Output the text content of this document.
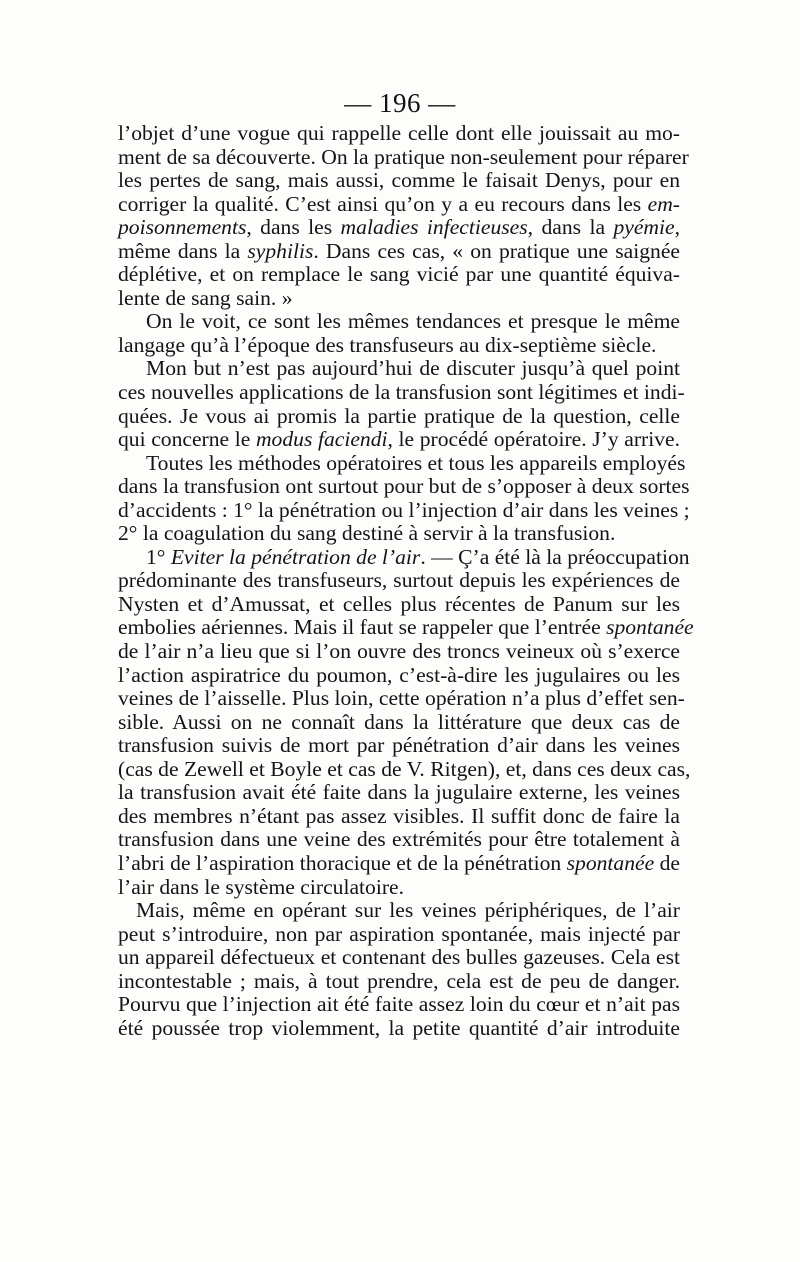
— 196 —
l’objet d’une vogue qui rappelle celle dont elle jouissait au mo-
ment de sa découverte. On la pratique non-seulement pour réparer
les pertes de sang, mais aussi, comme le faisait Denys, pour en
corriger la qualité. C’est ainsi qu’on y a eu recours dans les em-
poisonnements, dans les maladies infectieuses, dans la pyémie,
même dans la syphilis. Dans ces cas, « on pratique une saignée
déplétive, et on remplace le sang vicié par une quantité équiva-
lente de sang sain. »
On le voit, ce sont les mêmes tendances et presque le même
langage qu’à l’époque des transfuseurs au dix-septième siècle.
Mon but n’est pas aujourd’hui de discuter jusqu’à quel point
ces nouvelles applications de la transfusion sont légitimes et indi-
quées. Je vous ai promis la partie pratique de la question, celle
qui concerne le modus faciendi, le procédé opératoire. J’y arrive.
Toutes les méthodes opératoires et tous les appareils employés
dans la transfusion ont surtout pour but de s’opposer à deux sortes
d’accidents : 1° la pénétration ou l’injection d’air dans les veines ;
2° la coagulation du sang destiné à servir à la transfusion.
1° Eviter la pénétration de l’air. — Ç’a été là la préoccupation
prédominante des transfuseurs, surtout depuis les expériences de
Nysten et d’Amussat, et celles plus récentes de Panum sur les
embolies aériennes. Mais il faut se rappeler que l’entrée spontanée
de l’air n’a lieu que si l’on ouvre des troncs veineux où s’exerce
l’action aspiratrice du poumon, c’est-à-dire les jugulaires ou les
veines de l’aisselle. Plus loin, cette opération n’a plus d’effet sen-
sible. Aussi on ne connaît dans la littérature que deux cas de
transfusion suivis de mort par pénétration d’air dans les veines
(cas de Zewell et Boyle et cas de V. Ritgen), et, dans ces deux cas,
la transfusion avait été faite dans la jugulaire externe, les veines
des membres n’étant pas assez visibles. Il suffit donc de faire la
transfusion dans une veine des extrémités pour être totalement à
l’abri de l’aspiration thoracique et de la pénétration spontanée de
l’air dans le système circulatoire.
Mais, même en opérant sur les veines périphériques, de l’air
peut s’introduire, non par aspiration spontanée, mais injecté par
un appareil défectueux et contenant des bulles gazeuses. Cela est
incontestable ; mais, à tout prendre, cela est de peu de danger.
Pourvu que l’injection ait été faite assez loin du cœur et n’ait pas
été poussée trop violemment, la petite quantité d’air introduite
